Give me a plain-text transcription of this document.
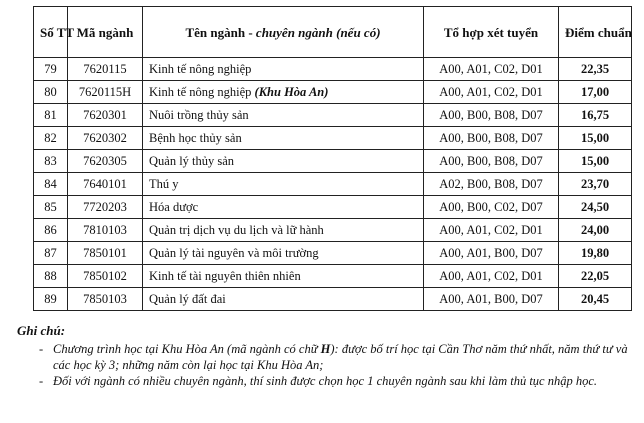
Số TT	Mã ngành	Tên ngành - chuyên ngành (nếu có)	Tổ hợp xét tuyển	Điểm chuẩn
79	7620115	Kinh tế nông nghiệp	A00, A01, C02, D01	22,35
80	7620115H	Kinh tế nông nghiệp (Khu Hòa An)	A00, A01, C02, D01	17,00
81	7620301	Nuôi trồng thủy sản	A00, B00, B08, D07	16,75
82	7620302	Bệnh học thủy sản	A00, B00, B08, D07	15,00
83	7620305	Quản lý thủy sản	A00, B00, B08, D07	15,00
84	7640101	Thú y	A02, B00, B08, D07	23,70
85	7720203	Hóa dược	A00, B00, C02, D07	24,50
86	7810103	Quản trị dịch vụ du lịch và lữ hành	A00, A01, C02, D01	24,00
87	7850101	Quản lý tài nguyên và môi trường	A00, A01, B00, D07	19,80
88	7850102	Kinh tế tài nguyên thiên nhiên	A00, A01, C02, D01	22,05
89	7850103	Quản lý đất đai	A00, A01, B00, D07	20,45
Ghi chú:
- Chương trình học tại Khu Hòa An (mã ngành có chữ H): được bố trí học tại Cần Thơ năm thứ nhất, năm thứ tư và các học kỳ 3; những năm còn lại học tại Khu Hòa An;
- Đối với ngành có nhiều chuyên ngành, thí sinh được chọn học 1 chuyên ngành sau khi làm thủ tục nhập học.
